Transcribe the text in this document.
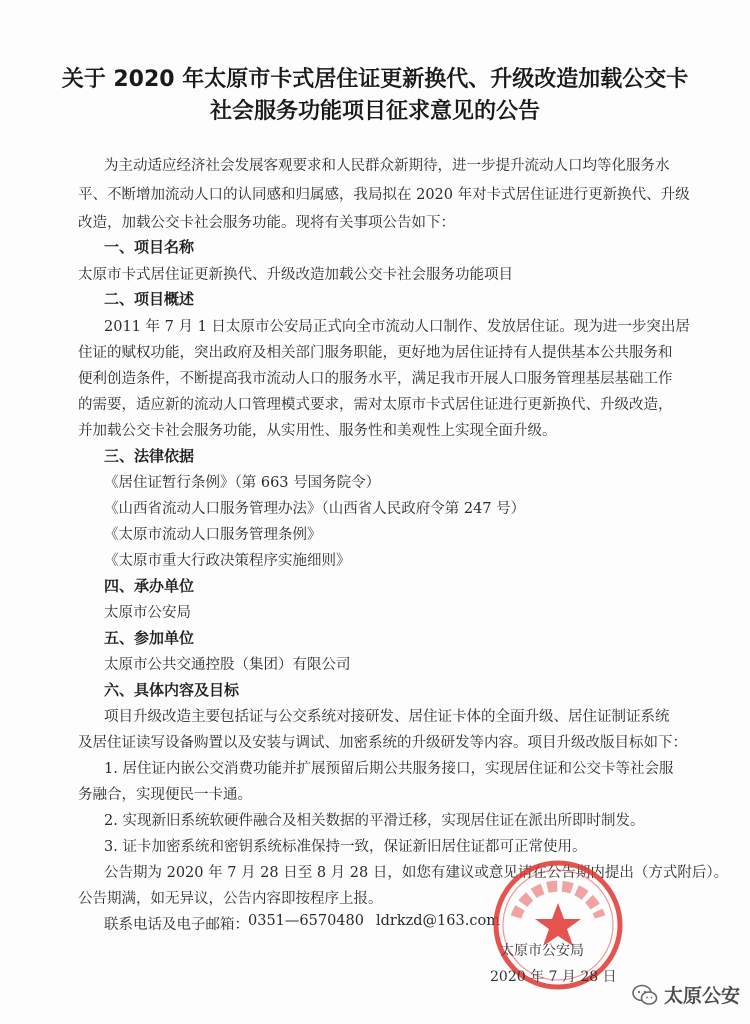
关于 2020 年太原市卡式居住证更新换代、升级改造加载公交卡
社会服务功能项目征求意见的公告
为主动适应经济社会发展客观要求和人民群众新期待，进一步提升流动人口均等化服务水
平、不断增加流动人口的认同感和归属感，我局拟在 2020 年对卡式居住证进行更新换代、升级
改造，加载公交卡社会服务功能。现将有关事项公告如下：
一、项目名称
太原市卡式居住证更新换代、升级改造加载公交卡社会服务功能项目
二、项目概述
2011 年 7 月 1 日太原市公安局正式向全市流动人口制作、发放居住证。现为进一步突出居
住证的赋权功能，突出政府及相关部门服务职能，更好地为居住证持有人提供基本公共服务和
便利创造条件，不断提高我市流动人口的服务水平，满足我市开展人口服务管理基层基础工作
的需要，适应新的流动人口管理模式要求，需对太原市卡式居住证进行更新换代、升级改造，
并加载公交卡社会服务功能，从实用性、服务性和美观性上实现全面升级。
三、法律依据
《居住证暂行条例》（第 663 号国务院令）
《山西省流动人口服务管理办法》（山西省人民政府令第 247 号）
《太原市流动人口服务管理条例》
《太原市重大行政决策程序实施细则》
四、承办单位
太原市公安局
五、参加单位
太原市公共交通控股（集团）有限公司
六、具体内容及目标
项目升级改造主要包括证与公交系统对接研发、居住证卡体的全面升级、居住证制证系统
及居住证读写设备购置以及安装与调试、加密系统的升级研发等内容。项目升级改版目标如下：
1. 居住证内嵌公交消费功能并扩展预留后期公共服务接口，实现居住证和公交卡等社会服
务融合，实现便民一卡通。
2. 实现新旧系统软硬件融合及相关数据的平滑迁移，实现居住证在派出所即时制发。
3. 证卡加密系统和密钥系统标准保持一致，保证新旧居住证都可正常使用。
公告期为 2020 年 7 月 28 日至 8 月 28 日，如您有建议或意见请在公告期内提出（方式附后）。
公告期满，如无异议，公告内容即按程序上报。
联系电话及电子邮箱： 0351—6570480 ldrkzd@163.com
太原市公安局
2020 年 7 月 28 日
太原公安
